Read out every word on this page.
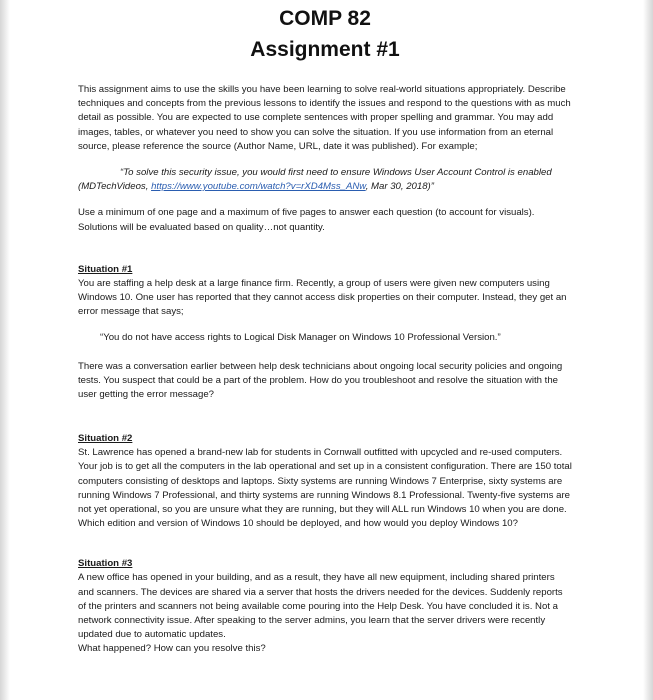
COMP 82
Assignment #1

This assignment aims to use the skills you have been learning to solve real-world situations appropriately. Describe techniques and concepts from the previous lessons to identify the issues and respond to the questions with as much detail as possible. You are expected to use complete sentences with proper spelling and grammar. You may add images, tables, or whatever you need to show you can solve the situation. If you use information from an eternal source, please reference the source (Author Name, URL, date it was published). For example;

“To solve this security issue, you would first need to ensure Windows User Account Control is enabled (MDTechVideos, https://www.youtube.com/watch?v=rXD4Mss_ANw, Mar 30, 2018)”

Use a minimum of one page and a maximum of five pages to answer each question (to account for visuals). Solutions will be evaluated based on quality…not quantity.

Situation #1

You are staffing a help desk at a large finance firm. Recently, a group of users were given new computers using Windows 10. One user has reported that they cannot access disk properties on their computer. Instead, they get an error message that says;

“You do not have access rights to Logical Disk Manager on Windows 10 Professional Version.”

There was a conversation earlier between help desk technicians about ongoing local security policies and ongoing tests. You suspect that could be a part of the problem. How do you troubleshoot and resolve the situation with the user getting the error message?

Situation #2

St. Lawrence has opened a brand-new lab for students in Cornwall outfitted with upcycled and re-used computers. Your job is to get all the computers in the lab operational and set up in a consistent configuration. There are 150 total computers consisting of desktops and laptops. Sixty systems are running Windows 7 Enterprise, sixty systems are running Windows 7 Professional, and thirty systems are running Windows 8.1 Professional. Twenty-five systems are not yet operational, so you are unsure what they are running, but they will ALL run Windows 10 when you are done. Which edition and version of Windows 10 should be deployed, and how would you deploy Windows 10?

Situation #3

A new office has opened in your building, and as a result, they have all new equipment, including shared printers and scanners. The devices are shared via a server that hosts the drivers needed for the devices. Suddenly reports of the printers and scanners not being available come pouring into the Help Desk. You have concluded it is. Not a network connectivity issue. After speaking to the server admins, you learn that the server drivers were recently updated due to automatic updates.

What happened? How can you resolve this?
